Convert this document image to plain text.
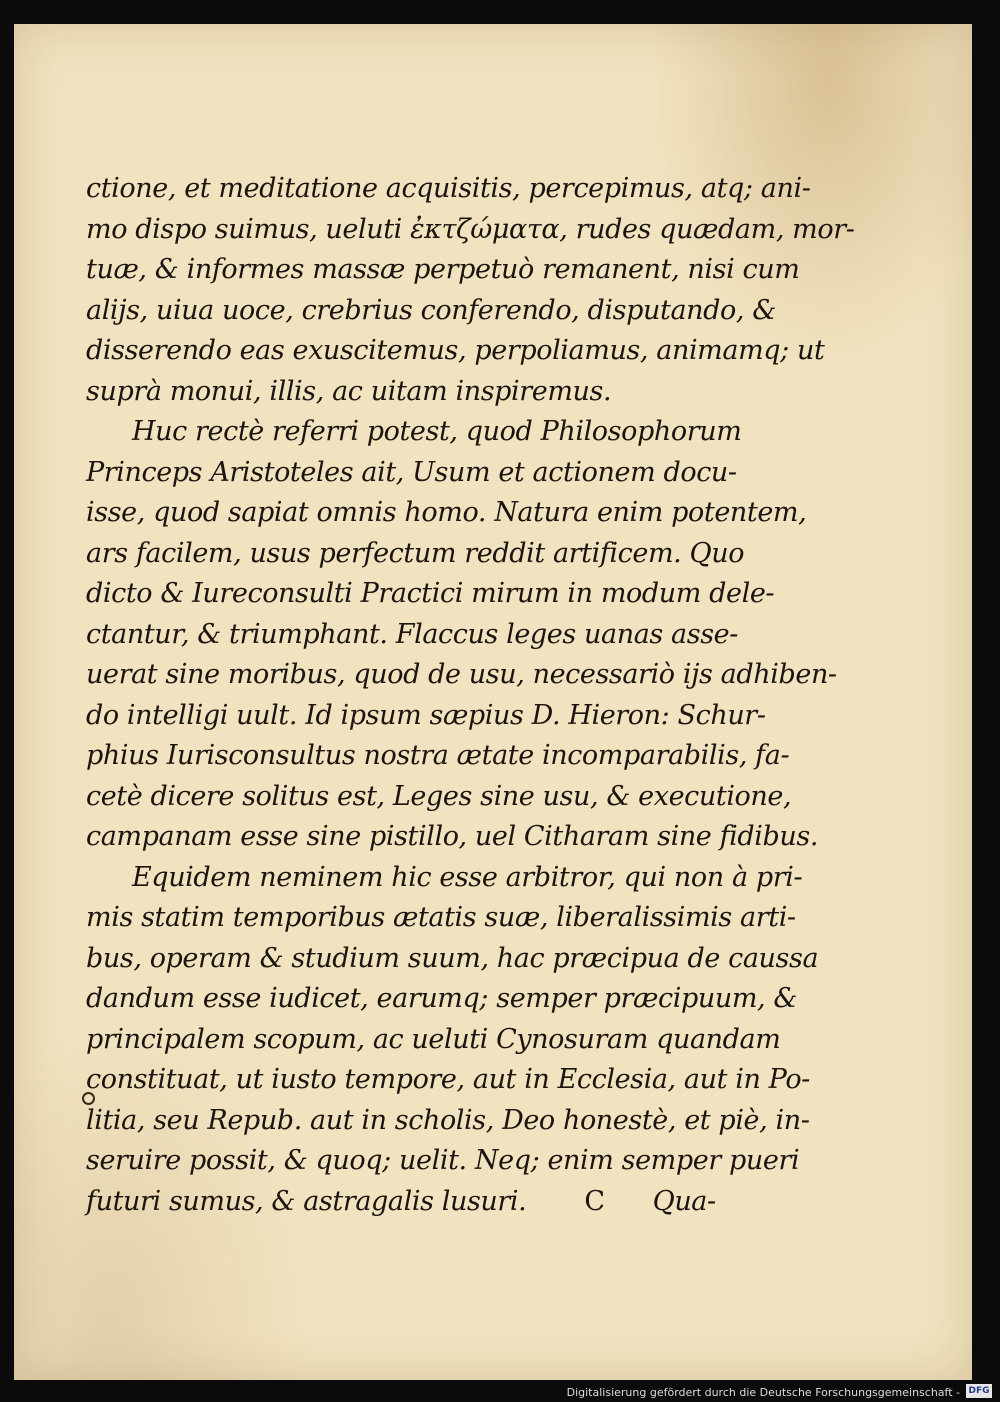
ctione, et meditatione acquisitis, percepimus, atq; ani-
mo dispo suimus, ueluti ἐκτζώματα, rudes quædam, mor-
tuæ, & informes massæ perpetuò remanent, nisi cum
alijs, uiua uoce, crebrius conferendo, disputando, &
disserendo eas exuscitemus, perpoliamus, animamq; ut
suprà monui, illis, ac uitam inspiremus.
Huc rectè referri potest, quod Philosophorum
Princeps Aristoteles ait, Usum et actionem docu-
isse, quod sapiat omnis homo. Natura enim potentem,
ars facilem, usus perfectum reddit artificem. Quo
dicto & Iureconsulti Practici mirum in modum dele-
ctantur, & triumphant. Flaccus leges uanas asse-
uerat sine moribus, quod de usu, necessariò ijs adhiben-
do intelligi uult. Id ipsum sæpius D. Hieron: Schur-
phius Iurisconsultus nostra ætate incomparabilis, fa-
cetè dicere solitus est, Leges sine usu, & executione,
campanam esse sine pistillo, uel Citharam sine fidibus.
Equidem neminem hic esse arbitror, qui non à pri-
mis statim temporibus ætatis suæ, liberalissimis arti-
bus, operam & studium suum, hac præcipua de caussa
dandum esse iudicet, earumq; semper præcipuum, &
principalem scopum, ac ueluti Cynosuram quandam
constituat, ut iusto tempore, aut in Ecclesia, aut in Po-
litia, seu Repub. aut in scholis, Deo honestè, et piè, in-
seruire possit, & quoq; uelit. Neq; enim semper pueri
futuri sumus, & astragalis lusuri. C Qua-
Digitalisierung gefördert durch die Deutsche Forschungsgemeinschaft - DFG
